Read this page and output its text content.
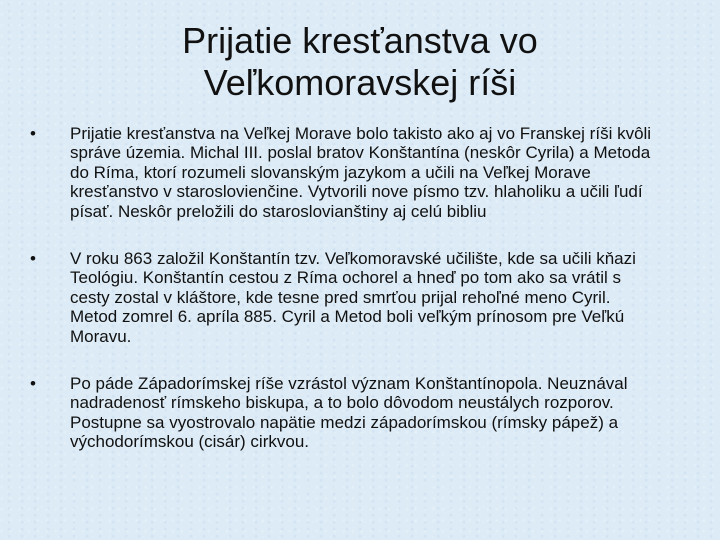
Prijatie kresťanstva vo
Veľkomoravskej ríši
•	Prijatie kresťanstva na Veľkej Morave bolo takisto ako aj vo Franskej ríši kvôli správe územia. Michal III. poslal bratov Konštantína (neskôr Cyrila) a Metoda do Ríma, ktorí rozumeli slovanským jazykom a učili na Veľkej Morave kresťanstvo v staroslovienčine. Vytvorili nove písmo tzv. hlaholiku a učili ľudí písať. Neskôr preložili do staroslovianštiny aj celú bibliu
•	V roku 863 založil Konštantín tzv. Veľkomoravské učilište, kde sa učili kňazi Teológiu. Konštantín cestou z Ríma ochorel a hneď po tom ako sa vrátil s cesty zostal v kláštore, kde tesne pred smrťou prijal rehoľné meno Cyril. Metod zomrel 6. apríla 885. Cyril a Metod boli veľkým prínosom pre Veľkú Moravu.
•	Po páde Západorímskej ríše vzrástol význam Konštantínopola. Neuznával nadradenosť rímskeho biskupa, a to bolo dôvodom neustálych rozporov. Postupne sa vyostrovalo napätie medzi západorímskou (rímsky pápež) a východorímskou (cisár) cirkvou.
